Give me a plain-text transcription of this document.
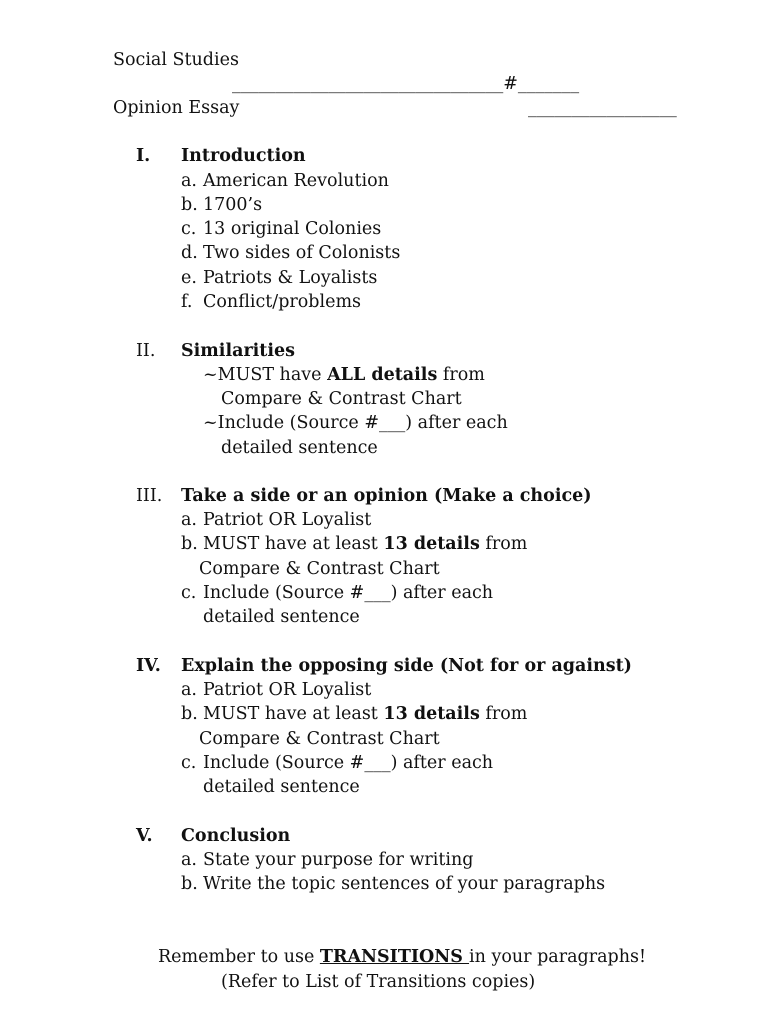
Social Studies
_______________________________#_______
Opinion Essay	_________________
I. Introduction
a. American Revolution
b. 1700’s
c. 13 original Colonies
d. Two sides of Colonists
e. Patriots & Loyalists
f. Conflict/problems
II. Similarities
~MUST have ALL details from
Compare & Contrast Chart
~Include (Source #___) after each
detailed sentence
III. Take a side or an opinion (Make a choice)
a. Patriot OR Loyalist
b. MUST have at least 13 details from
Compare & Contrast Chart
c. Include (Source #___) after each
detailed sentence
IV. Explain the opposing side (Not for or against)
a. Patriot OR Loyalist
b. MUST have at least 13 details from
Compare & Contrast Chart
c. Include (Source #___) after each
detailed sentence
V. Conclusion
a. State your purpose for writing
b. Write the topic sentences of your paragraphs
Remember to use TRANSITIONS in your paragraphs!
(Refer to List of Transitions copies)
